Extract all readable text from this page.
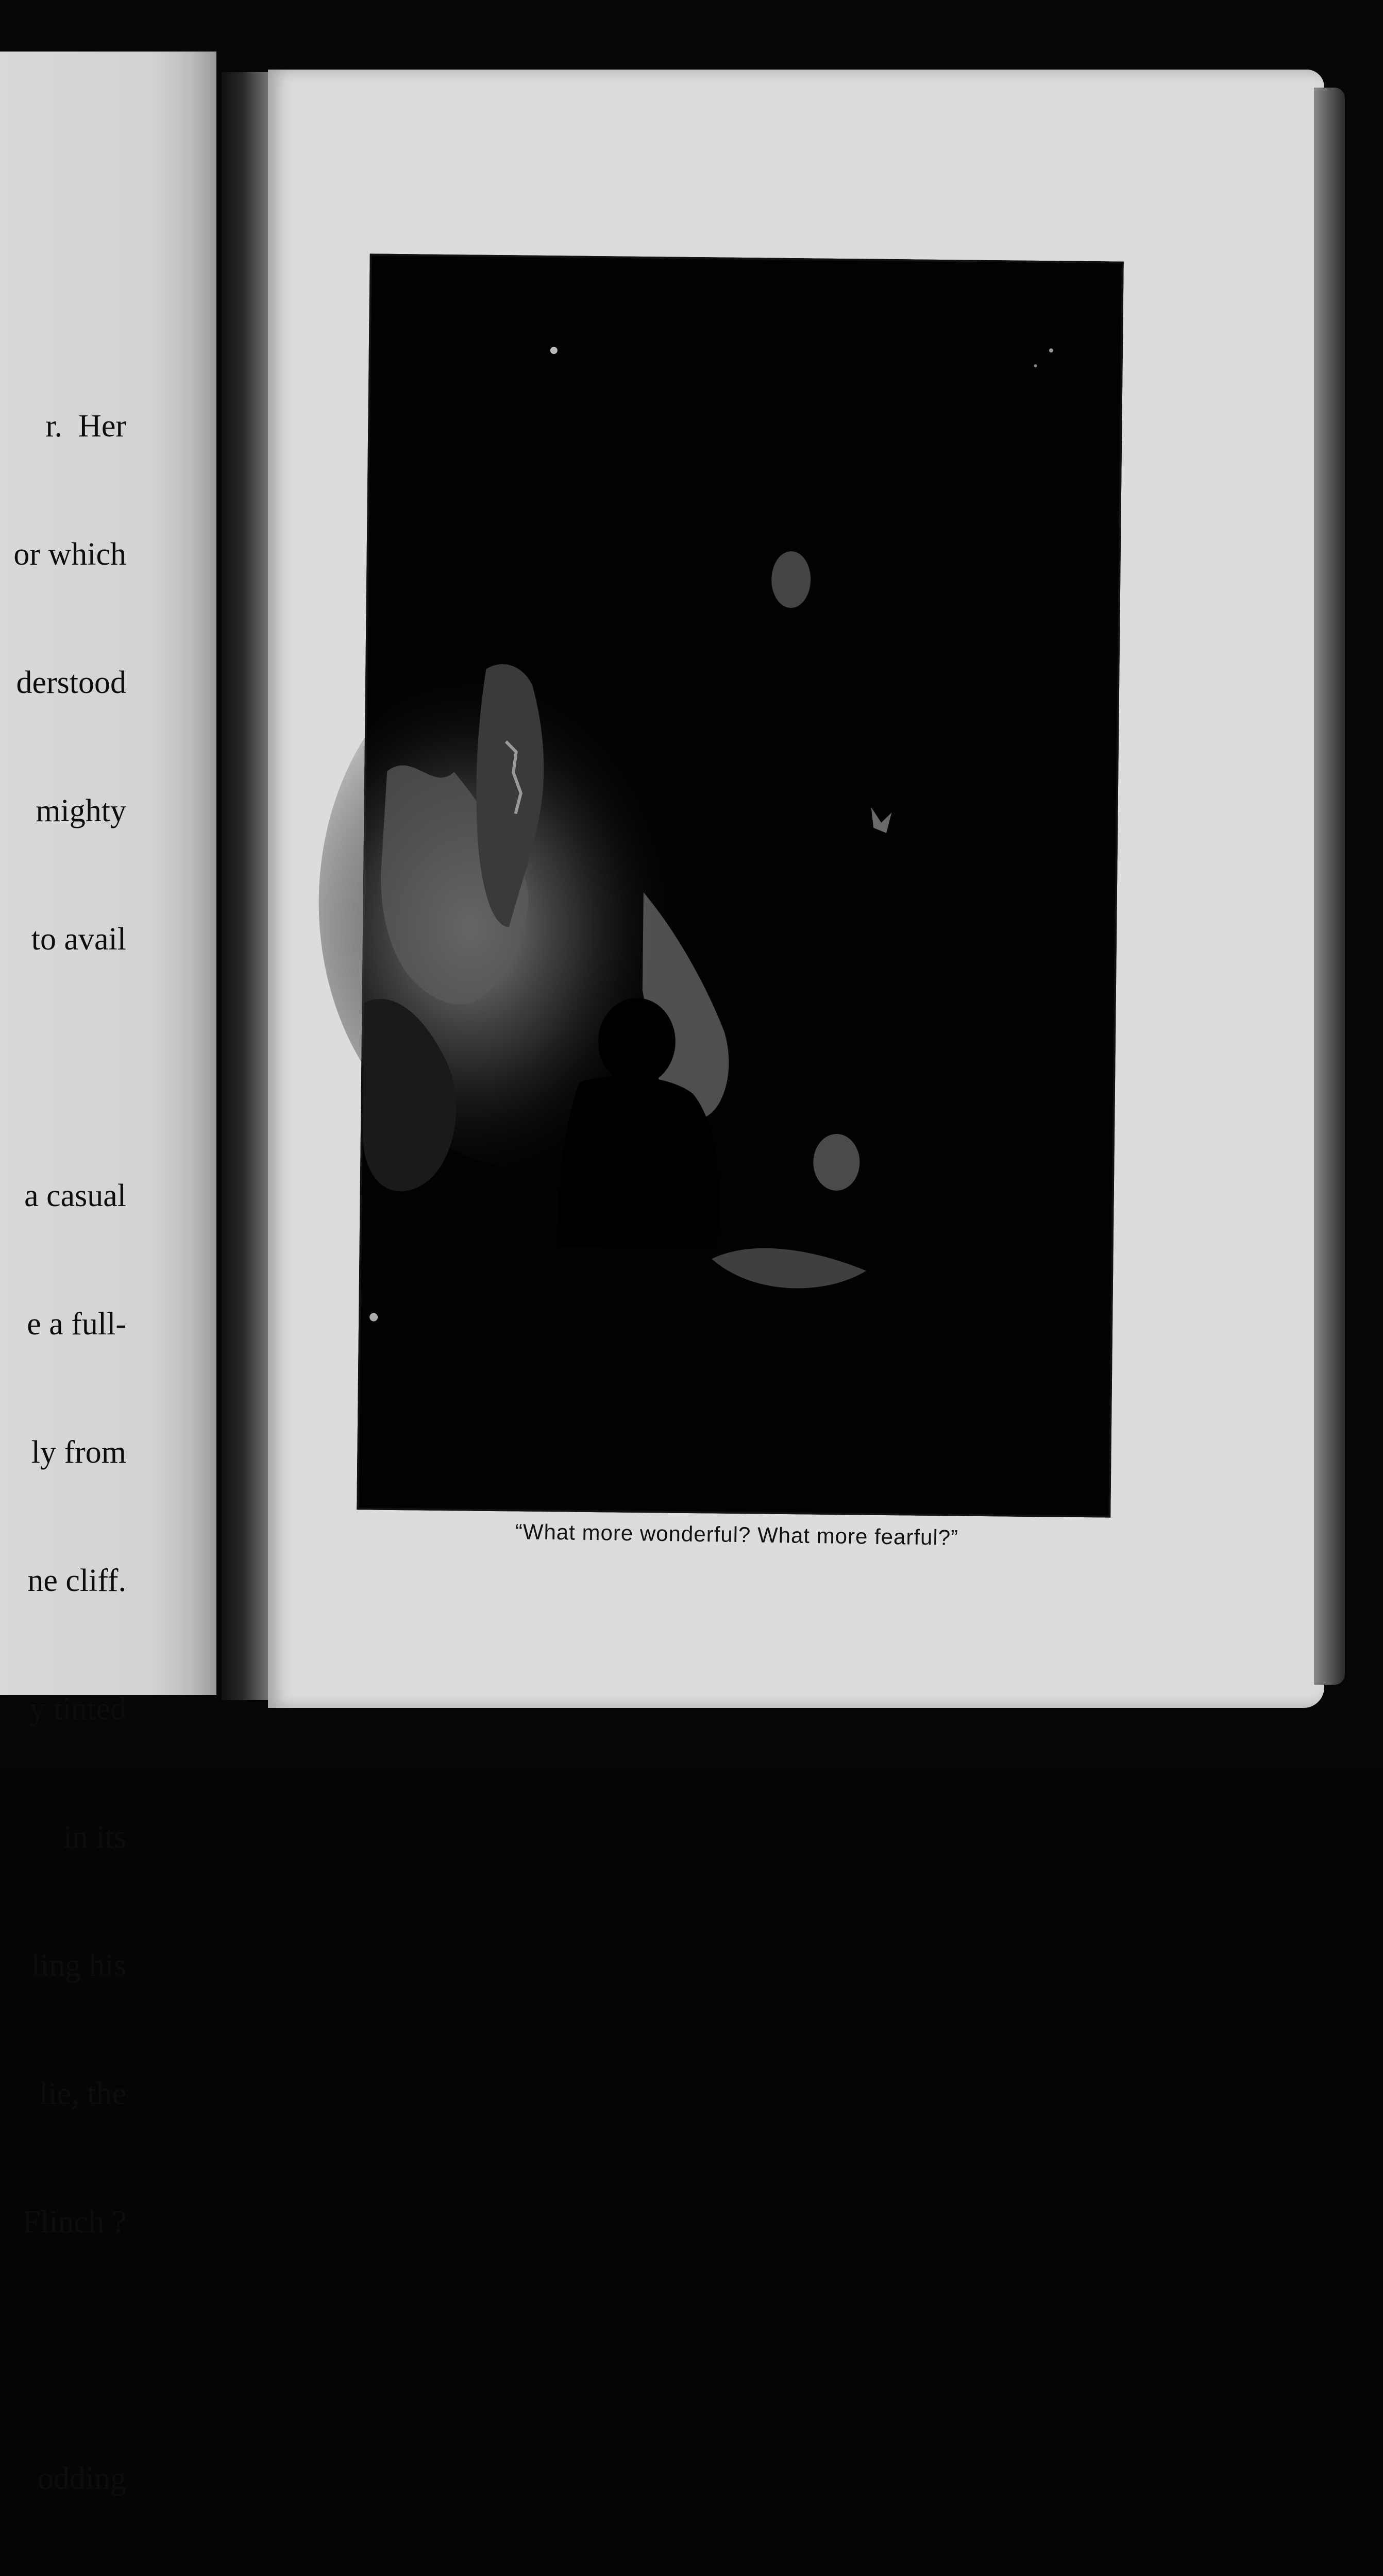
r.  Her

or which

derstood

mighty

to avail

a casual

e a full-

ly from

ne cliff.

y tinted

in its

ling his

lie, the

Flinch ?

odding

“What more wonderful? What more fearful?”
